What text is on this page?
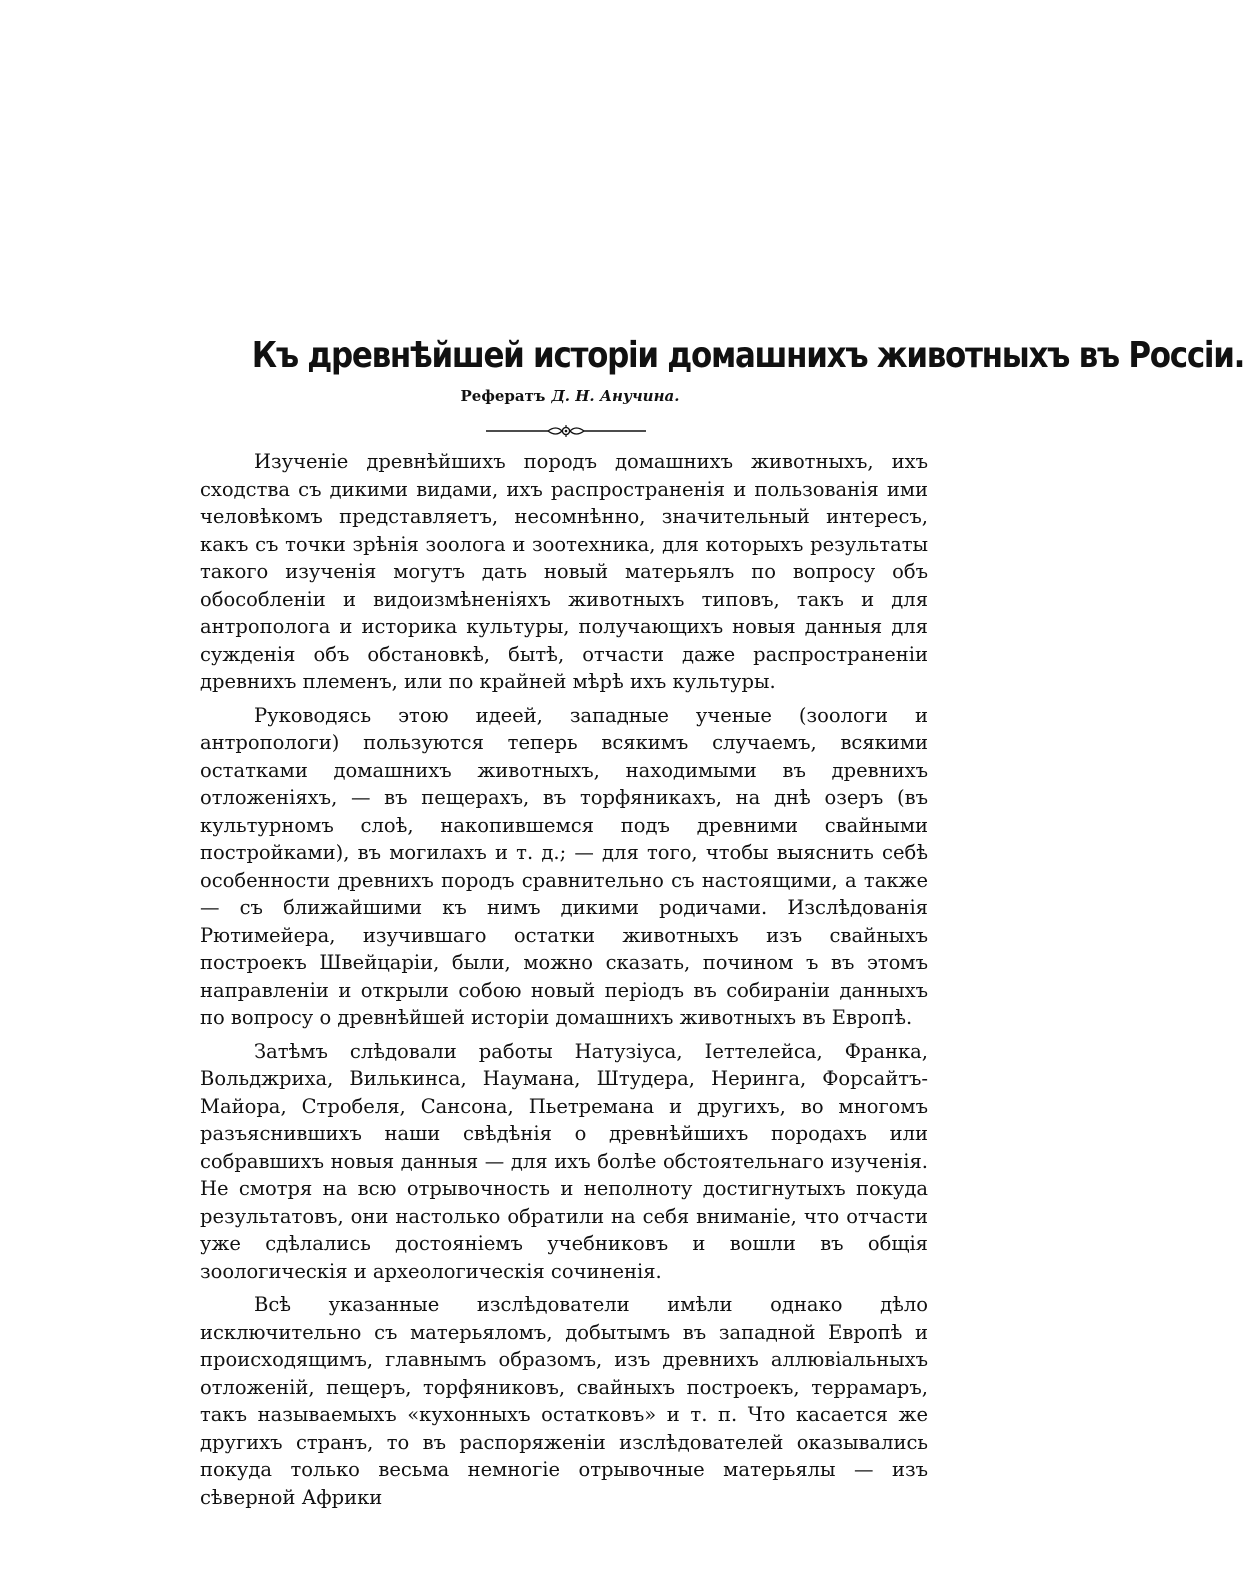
Къ древнѣйшей исторіи домашнихъ животныхъ въ Россіи.
Рефератъ Д. Н. Анучина.

Изученіе древнѣйшихъ породъ домашнихъ животныхъ, ихъ сходства съ дикими видами, ихъ распространенія и пользованія ими человѣкомъ представляетъ, несомнѣнно, значительный интересъ, какъ съ точки зрѣнія зоолога и зоотехника, для которыхъ результаты такого изученія могутъ дать новый матерьялъ по вопросу объ обособленіи и видоизмѣненіяхъ животныхъ типовъ, такъ и для антрополога и историка культуры, получающихъ новыя данныя для сужденія объ обстановкѣ, бытѣ, отчасти даже распространеніи древнихъ племенъ, или по крайней мѣрѣ ихъ культуры.

Руководясь этою идеей, западные ученые (зоологи и антропологи) пользуются теперь всякимъ случаемъ, всякими остатками домашнихъ животныхъ, находимыми въ древнихъ отложеніяхъ, — въ пещерахъ, въ торфяникахъ, на днѣ озеръ (въ культурномъ слоѣ, накопившемся подъ древними свайными постройками), въ могилахъ и т. д.; — для того, чтобы выяснить себѣ особенности древнихъ породъ сравнительно съ настоящими, а также — съ ближайшими къ нимъ дикими родичами. Изслѣдованія Рютимейера, изучившаго остатки животныхъ изъ свайныхъ построекъ Швейцаріи, были, можно сказать, почином ъ въ этомъ направленіи и открыли собою новый періодъ въ собираніи данныхъ по вопросу о древнѣйшей исторіи домашнихъ животныхъ въ Европѣ.

Затѣмъ слѣдовали работы Натузіуса, Іеттелейса, Франка, Вольджриха, Вилькинса, Наумана, Штудера, Неринга, Форсайтъ-Майора, Стробеля, Сансона, Пьетремана и другихъ, во многомъ разъяснившихъ наши свѣдѣнія о древнѣйшихъ породахъ или собравшихъ новыя данныя — для ихъ болѣе обстоятельнаго изученія. Не смотря на всю отрывочность и неполноту достигнутыхъ покуда результатовъ, они настолько обратили на себя вниманіе, что отчасти уже сдѣлались достояніемъ учебниковъ и вошли въ общія зоологическія и археологическія сочиненія.

Всѣ указанные изслѣдователи имѣли однако дѣло исключительно съ матерьяломъ, добытымъ въ западной Европѣ и происходящимъ, главнымъ образомъ, изъ древнихъ аллювіальныхъ отложеній, пещеръ, торфяниковъ, свайныхъ построекъ, террамаръ, такъ называемыхъ «кухонныхъ остатковъ» и т. п. Что касается же другихъ странъ, то въ распоряженіи изслѣдователей оказывались покуда только весьма немногіе отрывочные матерьялы — изъ сѣверной Африки
